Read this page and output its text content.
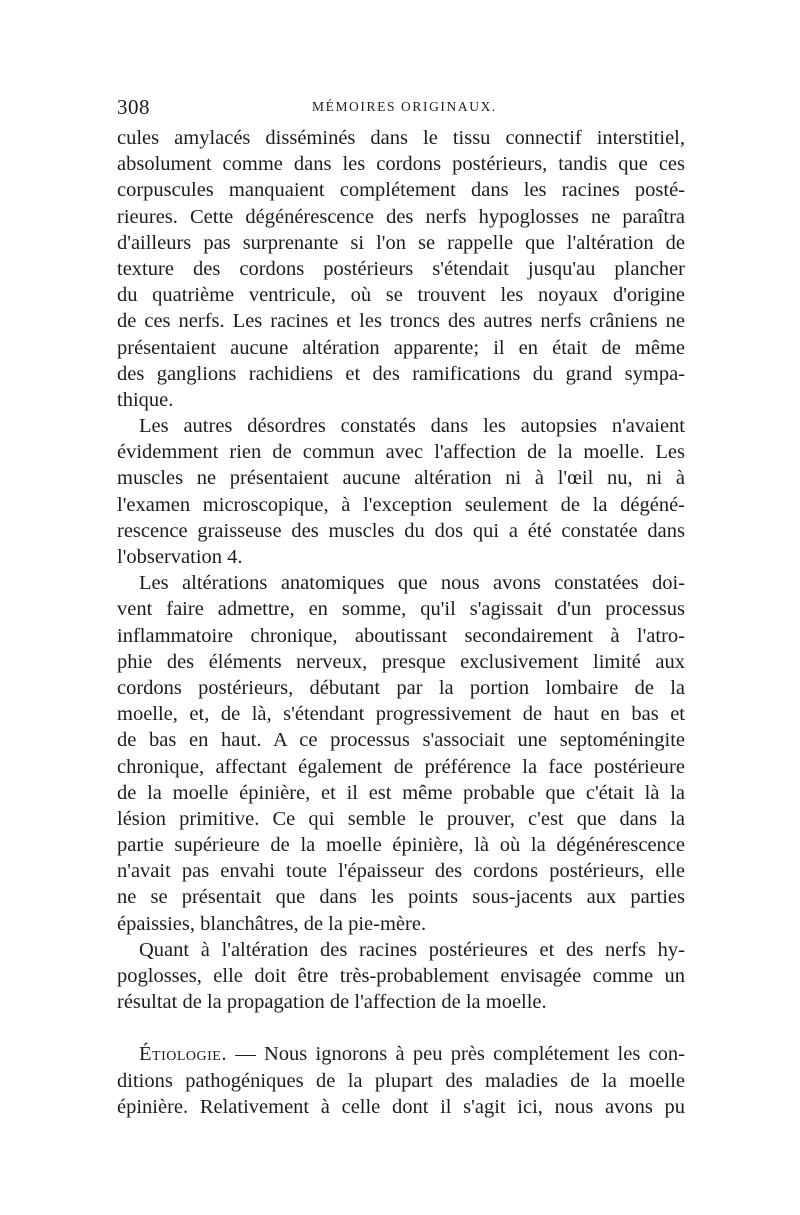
308	MÉMOIRES ORIGINAUX.
cules amylacés disséminés dans le tissu connectif interstitiel,
absolument comme dans les cordons postérieurs, tandis que ces
corpuscules manquaient complétement dans les racines posté-
rieures. Cette dégénérescence des nerfs hypoglosses ne paraîtra
d'ailleurs pas surprenante si l'on se rappelle que l'altération de
texture des cordons postérieurs s'étendait jusqu'au plancher
du quatrième ventricule, où se trouvent les noyaux d'origine
de ces nerfs. Les racines et les troncs des autres nerfs crâniens ne
présentaient aucune altération apparente; il en était de même
des ganglions rachidiens et des ramifications du grand sympa-
thique.
Les autres désordres constatés dans les autopsies n'avaient
évidemment rien de commun avec l'affection de la moelle. Les
muscles ne présentaient aucune altération ni à l'œil nu, ni à
l'examen microscopique, à l'exception seulement de la dégéné-
rescence graisseuse des muscles du dos qui a été constatée dans
l'observation 4.
Les altérations anatomiques que nous avons constatées doi-
vent faire admettre, en somme, qu'il s'agissait d'un processus
inflammatoire chronique, aboutissant secondairement à l'atro-
phie des éléments nerveux, presque exclusivement limité aux
cordons postérieurs, débutant par la portion lombaire de la
moelle, et, de là, s'étendant progressivement de haut en bas et
de bas en haut. A ce processus s'associait une septoméningite
chronique, affectant également de préférence la face postérieure
de la moelle épinière, et il est même probable que c'était là la
lésion primitive. Ce qui semble le prouver, c'est que dans la
partie supérieure de la moelle épinière, là où la dégénérescence
n'avait pas envahi toute l'épaisseur des cordons postérieurs, elle
ne se présentait que dans les points sous-jacents aux parties
épaissies, blanchâtres, de la pie-mère.
Quant à l'altération des racines postérieures et des nerfs hy-
poglosses, elle doit être très-probablement envisagée comme un
résultat de la propagation de l'affection de la moelle.
Étiologie. — Nous ignorons à peu près complétement les con-
ditions pathogéniques de la plupart des maladies de la moelle
épinière. Relativement à celle dont il s'agit ici, nous avons pu
